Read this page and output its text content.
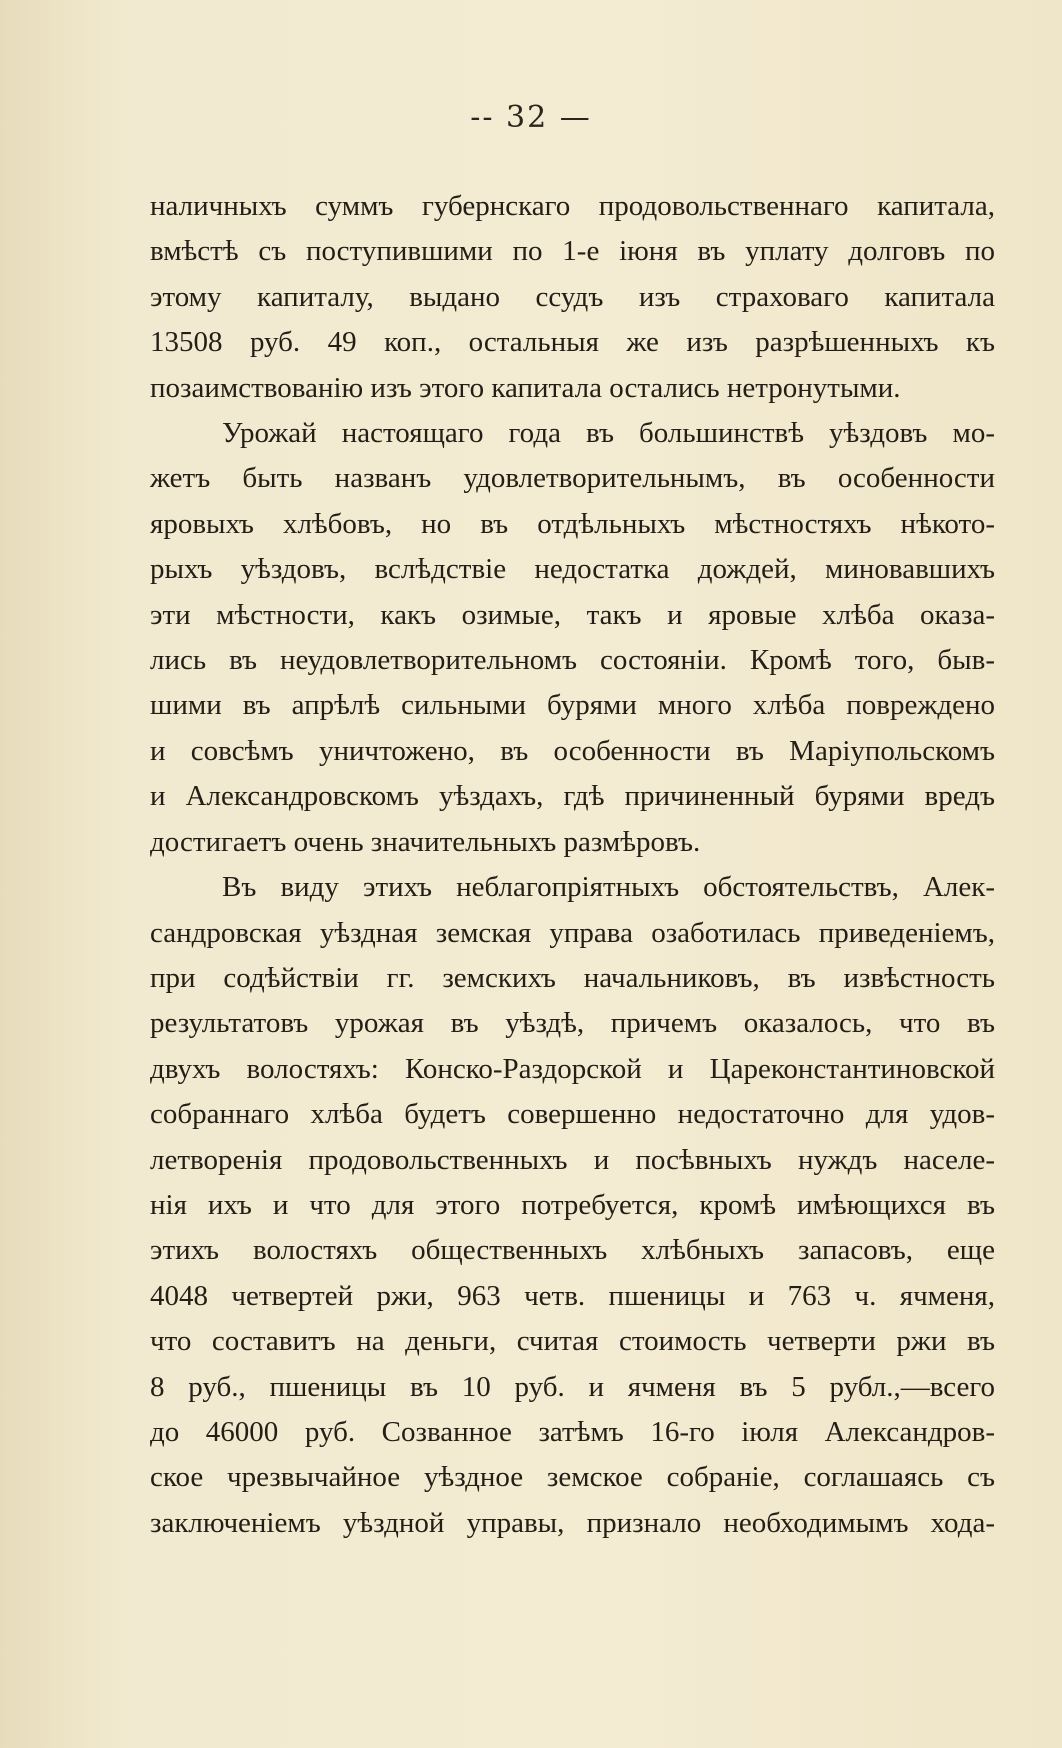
-- 32 —
наличныхъ суммъ губернскаго продовольственнаго капитала,
вмѣстѣ съ поступившими по 1-е іюня въ уплату долговъ по
этому капиталу, выдано ссудъ изъ страховаго капитала
13508 руб. 49 коп., остальныя же изъ разрѣшенныхъ къ
позаимствованію изъ этого капитала остались нетронутыми.
Урожай настоящаго года въ большинствѣ уѣздовъ мо-
жетъ быть названъ удовлетворительнымъ, въ особенности
яровыхъ хлѣбовъ, но въ отдѣльныхъ мѣстностяхъ нѣкото-
рыхъ уѣздовъ, вслѣдствіе недостатка дождей, миновавшихъ
эти мѣстности, какъ озимые, такъ и яровые хлѣба оказа-
лись въ неудовлетворительномъ состояніи. Кромѣ того, быв-
шими въ апрѣлѣ сильными бурями много хлѣба повреждено
и совсѣмъ уничтожено, въ особенности въ Маріупольскомъ
и Александровскомъ уѣздахъ, гдѣ причиненный бурями вредъ
достигаетъ очень значительныхъ размѣровъ.
Въ виду этихъ неблагопріятныхъ обстоятельствъ, Алек-
сандровская уѣздная земская управа озаботилась приведеніемъ,
при содѣйствіи гг. земскихъ начальниковъ, въ извѣстность
результатовъ урожая въ уѣздѣ, причемъ оказалось, что въ
двухъ волостяхъ: Конско-Раздорской и Цареконстантиновской
собраннаго хлѣба будетъ совершенно недостаточно для удов-
летворенія продовольственныхъ и посѣвныхъ нуждъ населе-
нія ихъ и что для этого потребуется, кромѣ имѣющихся въ
этихъ волостяхъ общественныхъ хлѣбныхъ запасовъ, еще
4048 четвертей ржи, 963 четв. пшеницы и 763 ч. ячменя,
что составитъ на деньги, считая стоимость четверти ржи въ
8 руб., пшеницы въ 10 руб. и ячменя въ 5 рубл.,—всего
до 46000 руб. Созванное затѣмъ 16-го іюля Александров-
ское чрезвычайное уѣздное земское собраніе, соглашаясь съ
заключеніемъ уѣздной управы, признало необходимымъ хода-
